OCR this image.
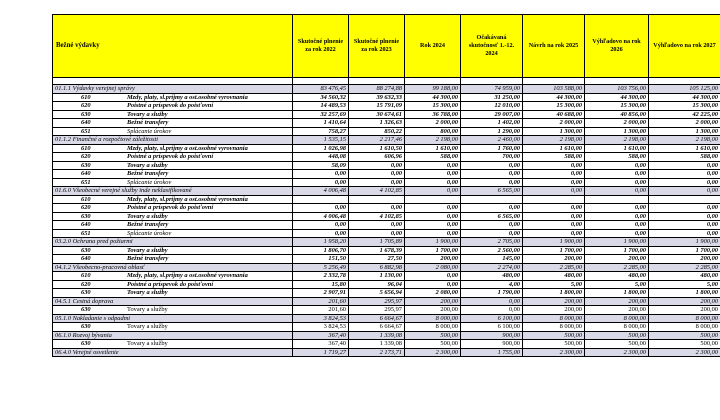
Bežné výdavky	Skutočné plnenie za rok 2022	Skutočné plnenie za rok 2023	Rok 2024	Očakávaná skutočnosť 1.-12. 2024	Návrh na rok 2025	Výhľadovo na rok 2026	Výhľadovo na rok 2027

01.1.1 Výdavky verejnej správy	83 476,45	88 274,88	99 188,00	74 959,00	103 588,00	103 756,00	105 125,00
610 Mzdy, platy, sl.príjmy a ost.osobné vyrovnania	34 560,32	39 632,33	44 300,00	31 250,00	44 300,00	44 300,00	44 300,00
620 Poistné a príspevok do poisťovní	14 489,53	15 791,09	15 300,00	12 010,00	15 300,00	15 300,00	15 300,00
630 Tovary a služby	32 257,69	30 674,61	36 788,00	29 007,00	40 688,00	40 856,00	42 225,00
640 Bežné transfery	1 410,64	1 326,63	2 000,00	1 402,00	2 000,00	2 000,00	2 000,00
651 Splácanie úrokov	758,27	850,22	800,00	1 290,00	1 300,00	1 300,00	1 300,00
01.1.2 Finančné a rozpočtové záležitosti	1 535,15	2 217,46	2 198,00	2 460,00	2 198,00	2 198,00	2 198,00
610 Mzdy, platy, sl.príjmy a ost.osobné vyrovnania	1 026,98	1 610,50	1 610,00	1 760,00	1 610,00	1 610,00	1 610,00
620 Poistné a príspevok do poisťovní	448,08	606,96	588,00	700,00	588,00	588,00	588,00
630 Tovary a služby	58,09	0,00	0,00	0,00	0,00	0,00	0,00
640 Bežné transfery	0,00	0,00	0,00	0,00	0,00	0,00	0,00
651 Splácanie úrokov	0,00	0,00	0,00	0,00	0,00	0,00	0,00
01.6.0 Všeobecné verejné služby inde neklasifikované	4 006,48	4 102,85	0,00	6 565,00	0,00	0,00	0,00
610 Mzdy, platy, sl.príjmy a ost.osobné vyrovnania							
620 Poistné a príspevok do poisťovní	0,00	0,00	0,00	0,00	0,00	0,00	0,00
630 Tovary a služby	4 006,48	4 102,85	0,00	6 565,00	0,00	0,00	0,00
640 Bežné transfery	0,00	0,00	0,00	0,00	0,00	0,00	0,00
651 Splácanie úrokov	0,00	0,00	0,00	0,00	0,00	0,00	0,00
03.2.0 Ochrana pred požiarmi	1 958,20	1 705,89	1 900,00	2 705,00	1 900,00	1 900,00	1 900,00
630 Tovary a služby	1 806,70	1 678,39	1 700,00	2 560,00	1 700,00	1 700,00	1 700,00
640 Bežné transfery	151,50	27,50	200,00	145,00	200,00	200,00	200,00
04.1.2 Všeobecno-pracovná oblasť	5 256,49	6 882,98	2 080,00	2 274,00	2 285,00	2 285,00	2 285,00
610 Mzdy, platy, sl.príjmy a ost.osobné vyrovnania	2 332,78	1 130,00	0,00	480,00	480,00	480,00	480,00
620 Poistné a príspevok do poisťovní	15,80	96,04	0,00	4,00	5,00	5,00	5,00
630 Tovary a služby	2 907,91	5 656,94	2 080,00	1 790,00	1 800,00	1 800,00	1 800,00
04.5.1 Cestná doprava	201,60	295,97	200,00	0,00	200,00	200,00	200,00
630 Tovary a služby	201,60	295,97	200,00	0,00	200,00	200,00	200,00
05.1.0 Nakladanie s odpadmi	3 824,53	6 664,67	8 000,00	6 100,00	8 000,00	8 000,00	8 000,00
630 Tovary a služby	3 824,53	6 664,67	8 000,00	6 100,00	8 000,00	8 000,00	8 000,00
06.1.0 Rozvoj bývania	367,40	1 339,08	500,00	900,00	500,00	500,00	500,00
630 Tovary a služby	367,40	1 339,08	500,00	900,00	500,00	500,00	500,00
06.4.0 Verejné osvetlenie	1 719,27	2 173,71	2 300,00	1 755,00	2 300,00	2 300,00	2 300,00
